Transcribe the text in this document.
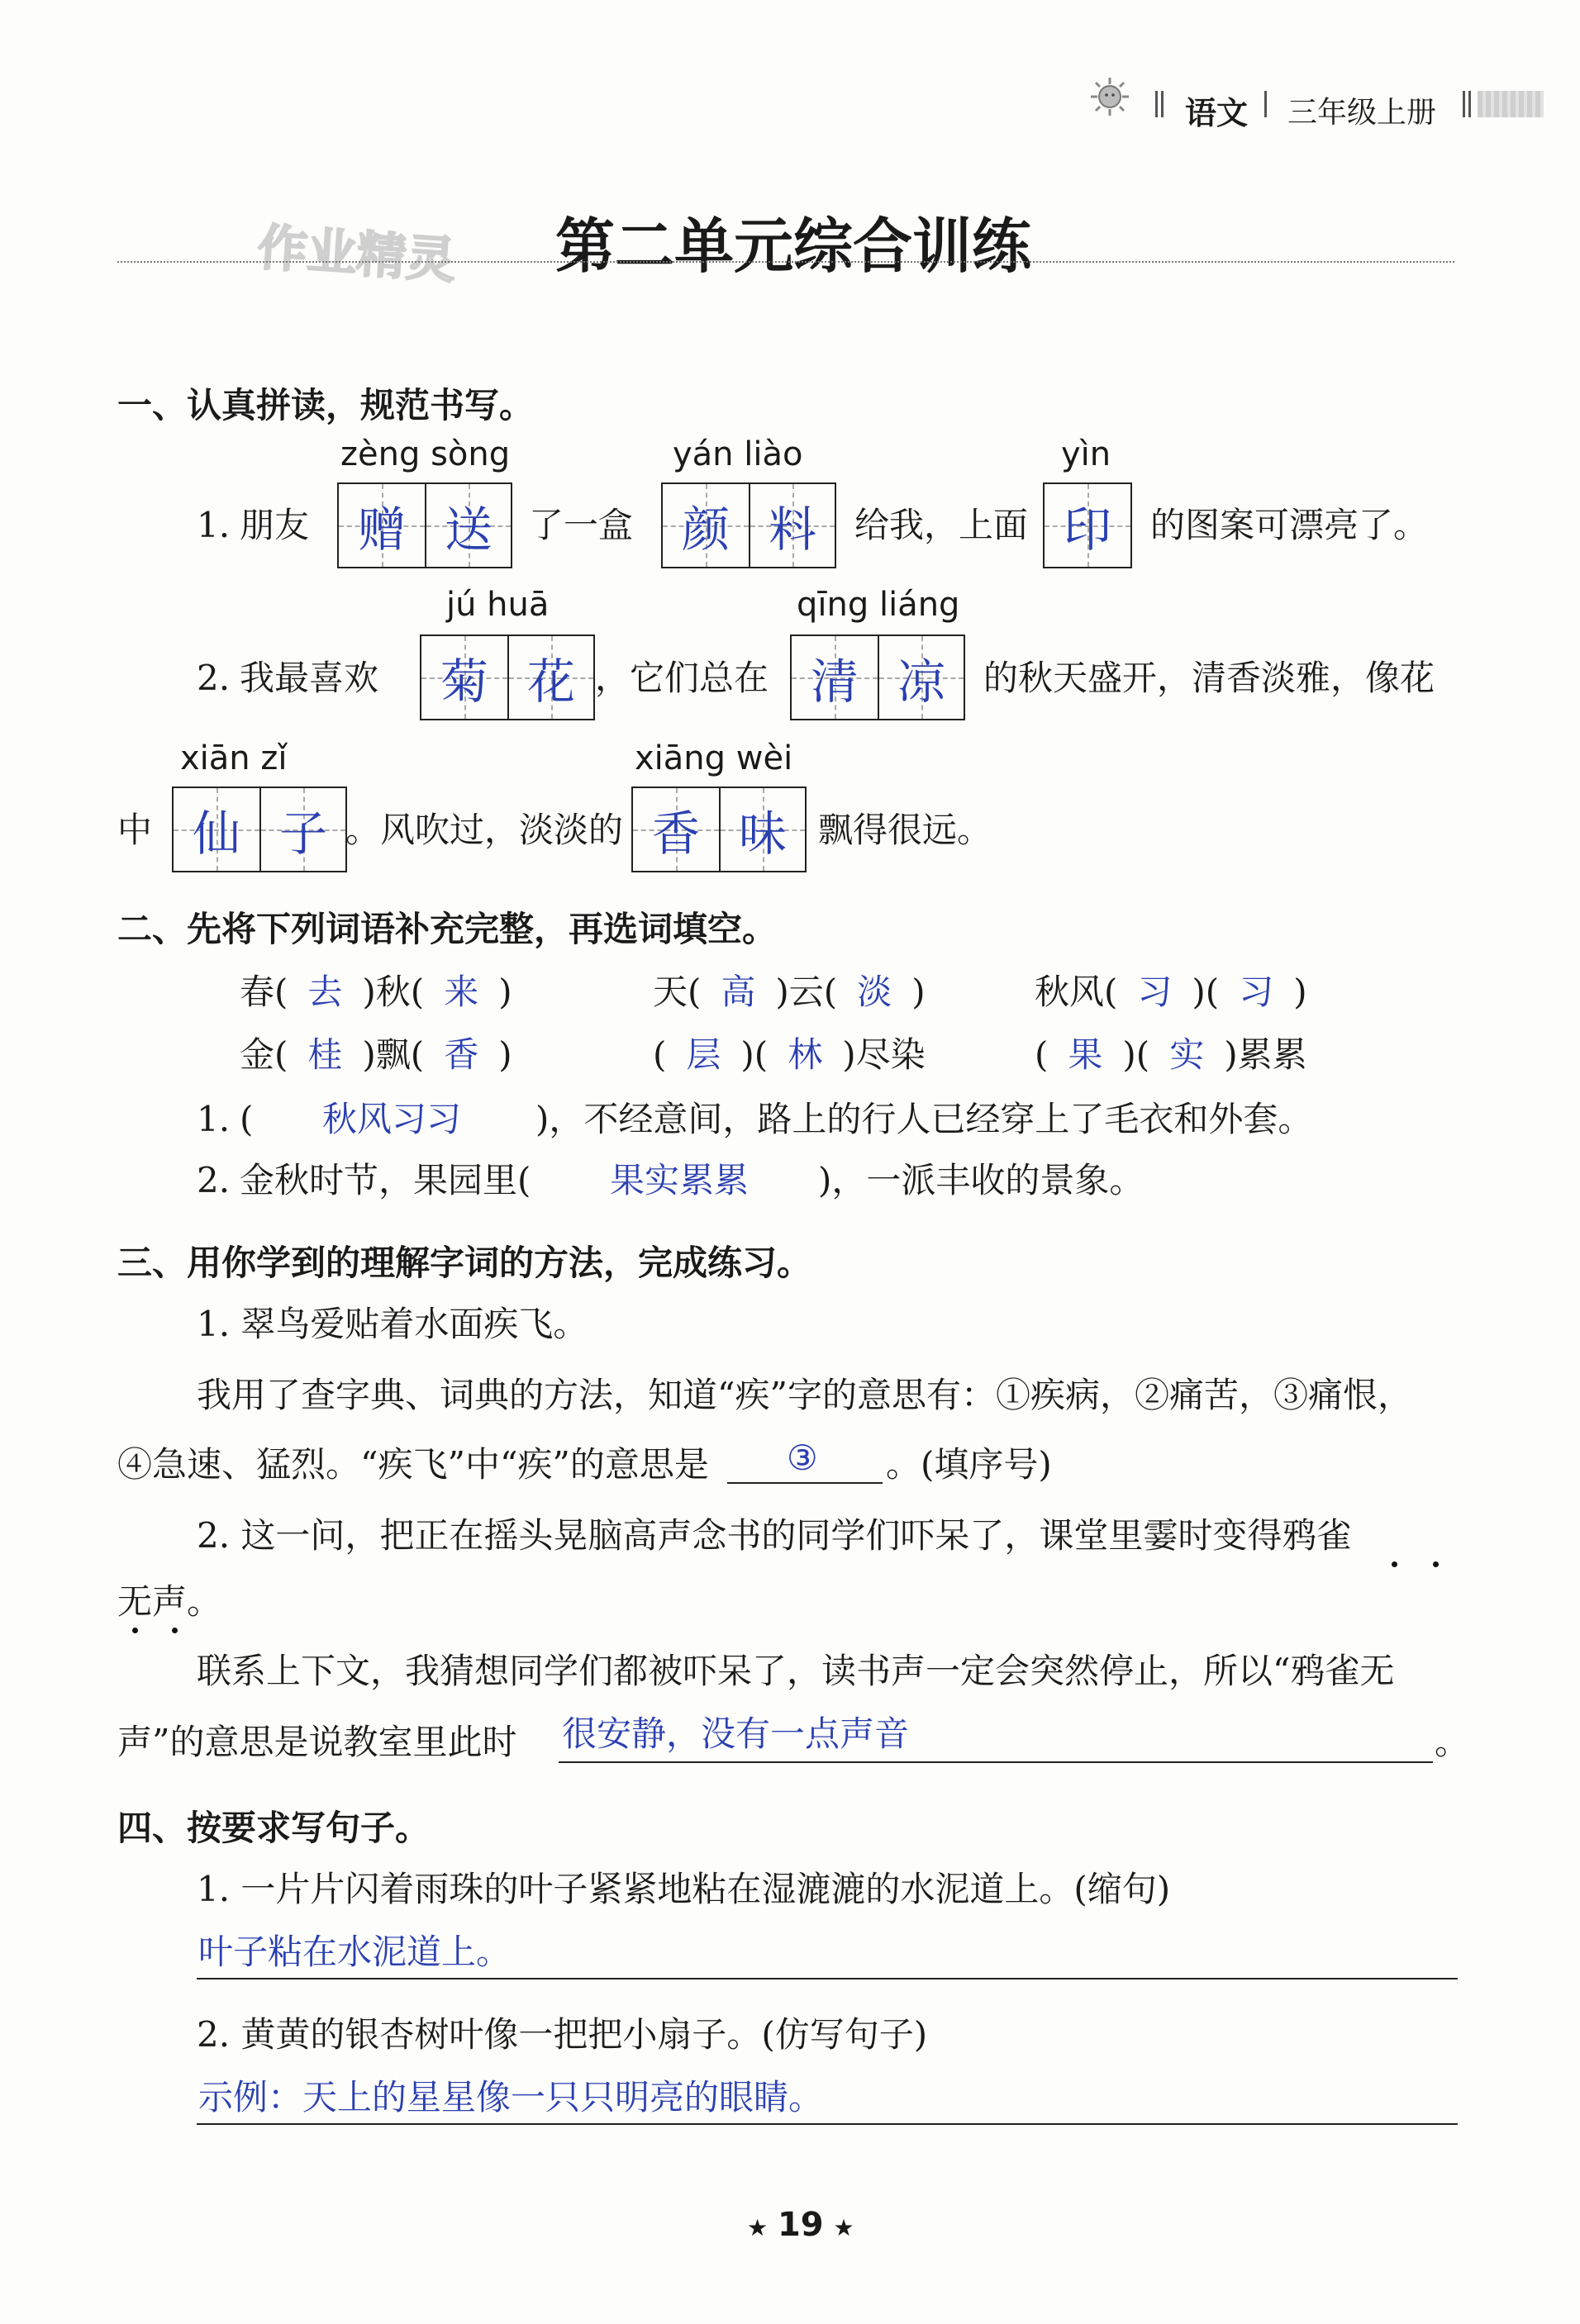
语文 三年级上册
作业精灵 第二单元综合训练
一、认真拼读，规范书写。
1. 朋友
zèng sòng
赠 送 了一盒
yán liào
颜 料 给我，上面
yìn
印 的图案可漂亮了。
2. 我最喜欢
jú huā
菊 花 ，它们总在
qīng liáng
清 凉 的秋天盛开，清香淡雅，像花
中
xiān zǐ
仙 子 。风吹过，淡淡的
xiāng wèi
香 味 飘得很远。
二、先将下列词语补充完整，再选词填空。
春( 去 )秋( 来 )	天( 高 )云( 淡 )	秋风( 习 )( 习 )
金( 桂 )飘( 香 )	( 层 )( 林 )尽染	( 果 )( 实 )累累
1. ( 秋风习习 )，不经意间，路上的行人已经穿上了毛衣和外套。
2. 金秋时节，果园里( 果实累累 )，一派丰收的景象。
三、用你学到的理解字词的方法，完成练习。
1. 翠鸟爱贴着水面疾飞。
我用了查字典、词典的方法，知道“疾”字的意思有：①疾病，②痛苦，③痛恨，
④急速、猛烈。“疾飞”中“疾”的意思是 ③ 。(填序号)
2. 这一问，把正在摇头晃脑高声念书的同学们吓呆了，课堂里霎时变得鸦雀
无声。
联系上下文，我猜想同学们都被吓呆了，读书声一定会突然停止，所以“鸦雀无
声”的意思是说教室里此时 很安静，没有一点声音	。
四、按要求写句子。
1. 一片片闪着雨珠的叶子紧紧地粘在湿漉漉的水泥道上。(缩句)
叶子粘在水泥道上。
2. 黄黄的银杏树叶像一把把小扇子。(仿写句子)
示例：天上的星星像一只只明亮的眼睛。
★ 19 ★
